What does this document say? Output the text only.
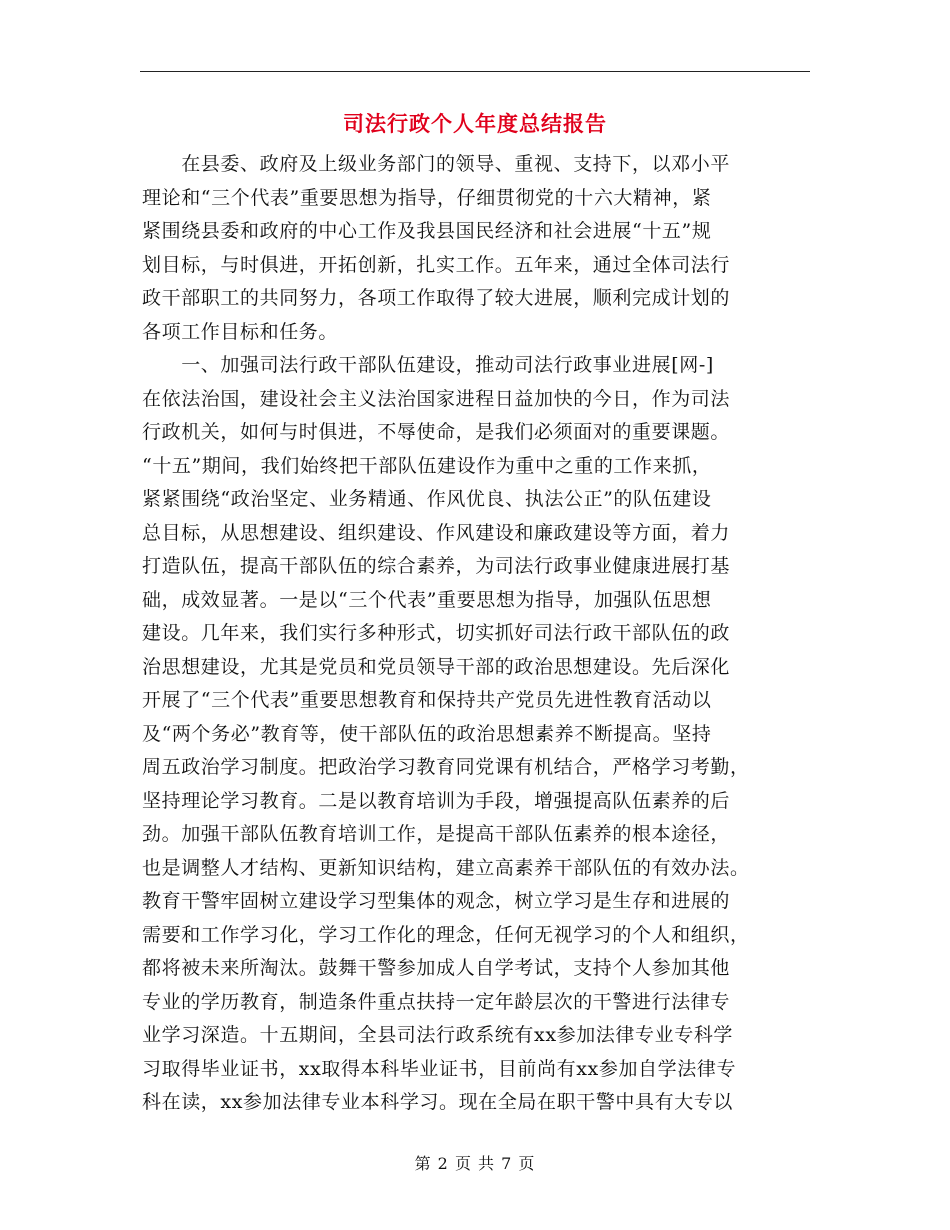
司法行政个人年度总结报告
　　在县委、政府及上级业务部门的领导、重视、支持下，以邓小平
理论和“三个代表”重要思想为指导，仔细贯彻党的十六大精神，紧
紧围绕县委和政府的中心工作及我县国民经济和社会进展“十五”规
划目标，与时俱进，开拓创新，扎实工作。五年来，通过全体司法行
政干部职工的共同努力，各项工作取得了较大进展，顺利完成计划的
各项工作目标和任务。
　　一、加强司法行政干部队伍建设，推动司法行政事业进展[网-]
在依法治国，建设社会主义法治国家进程日益加快的今日，作为司法
行政机关，如何与时俱进，不辱使命，是我们必须面对的重要课题。
“十五”期间，我们始终把干部队伍建设作为重中之重的工作来抓，
紧紧围绕“政治坚定、业务精通、作风优良、执法公正”的队伍建设
总目标，从思想建设、组织建设、作风建设和廉政建设等方面，着力
打造队伍，提高干部队伍的综合素养，为司法行政事业健康进展打基
础，成效显著。一是以“三个代表”重要思想为指导，加强队伍思想
建设。几年来，我们实行多种形式，切实抓好司法行政干部队伍的政
治思想建设，尤其是党员和党员领导干部的政治思想建设。先后深化
开展了“三个代表”重要思想教育和保持共产党员先进性教育活动以
及“两个务必”教育等，使干部队伍的政治思想素养不断提高。坚持
周五政治学习制度。把政治学习教育同党课有机结合，严格学习考勤，
坚持理论学习教育。二是以教育培训为手段，增强提高队伍素养的后
劲。加强干部队伍教育培训工作，是提高干部队伍素养的根本途径，
也是调整人才结构、更新知识结构，建立高素养干部队伍的有效办法。
教育干警牢固树立建设学习型集体的观念，树立学习是生存和进展的
需要和工作学习化，学习工作化的理念，任何无视学习的个人和组织，
都将被未来所淘汰。鼓舞干警参加成人自学考试，支持个人参加其他
专业的学历教育，制造条件重点扶持一定年龄层次的干警进行法律专
业学习深造。十五期间，全县司法行政系统有xx参加法律专业专科学
习取得毕业证书，xx取得本科毕业证书，目前尚有xx参加自学法律专
科在读，xx参加法律专业本科学习。现在全局在职干警中具有大专以
第 2 页 共 7 页
